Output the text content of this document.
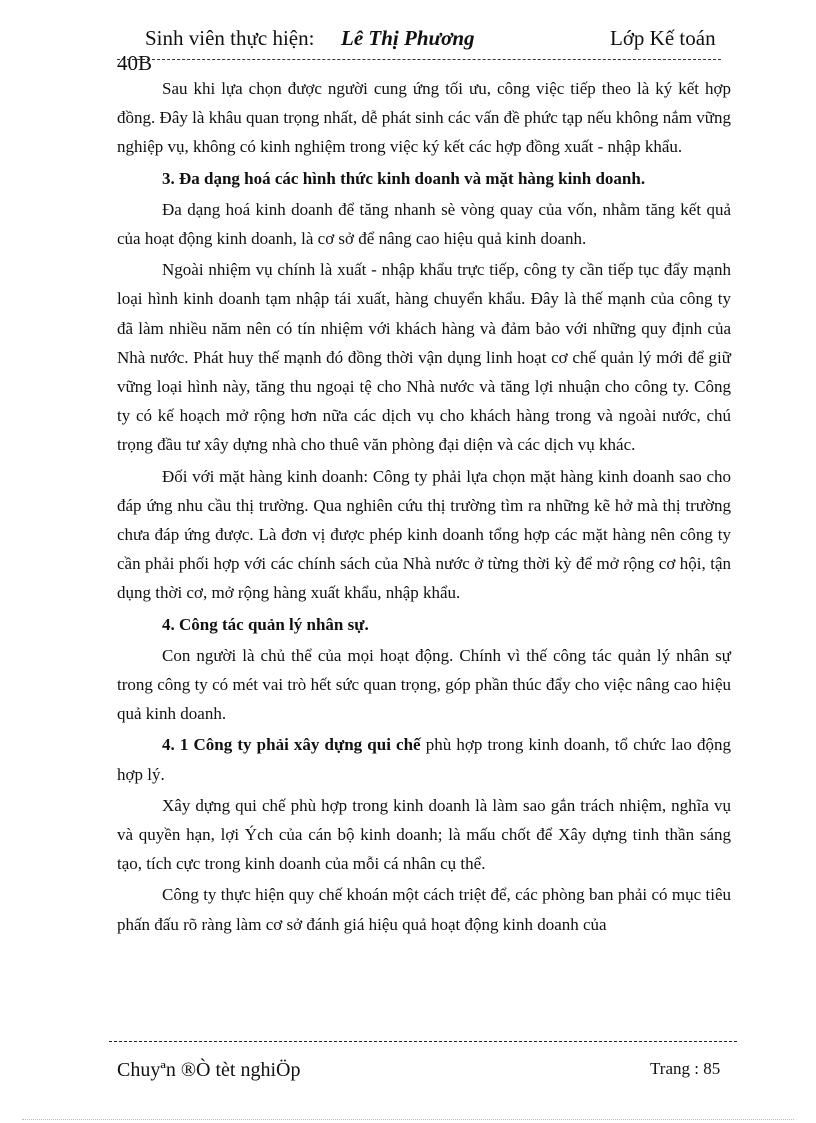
Sinh viên thực hiện: Lê Thị Phương	Lớp Kế toán
40B

Sau khi lựa chọn được người cung ứng tối ưu, công việc tiếp theo là ký kết hợp đồng. Đây là khâu quan trọng nhất, dễ phát sinh các vấn đề phức tạp nếu không nắm vững nghiệp vụ, không có kinh nghiệm trong việc ký kết các hợp đồng xuất - nhập khẩu.

3. Đa dạng hoá các hình thức kinh doanh và mặt hàng kinh doanh.

Đa dạng hoá kinh doanh để tăng nhanh sè vòng quay của vốn, nhằm tăng kết quả của hoạt động kinh doanh, là cơ sở để nâng cao hiệu quả kinh doanh.

Ngoài nhiệm vụ chính là xuất - nhập khẩu trực tiếp, công ty cần tiếp tục đẩy mạnh loại hình kinh doanh tạm nhập tái xuất, hàng chuyển khẩu. Đây là thế mạnh của công ty đã làm nhiều năm nên có tín nhiệm với khách hàng và đảm bảo với những quy định của Nhà nước. Phát huy thế mạnh đó đồng thời vận dụng linh hoạt cơ chế quản lý mới để giữ vững loại hình này, tăng thu ngoại tệ cho Nhà nước và tăng lợi nhuận cho công ty. Công ty có kế hoạch mở rộng hơn nữa các dịch vụ cho khách hàng trong và ngoài nước, chú trọng đầu tư xây dựng nhà cho thuê văn phòng đại diện và các dịch vụ khác.

Đối với mặt hàng kinh doanh: Công ty phải lựa chọn mặt hàng kinh doanh sao cho đáp ứng nhu cầu thị trường. Qua nghiên cứu thị trường tìm ra những kẽ hở mà thị trường chưa đáp ứng được. Là đơn vị được phép kinh doanh tổng hợp các mặt hàng nên công ty cần phải phối hợp với các chính sách của Nhà nước ở từng thời kỳ để mở rộng cơ hội, tận dụng thời cơ, mở rộng hàng xuất khẩu, nhập khẩu.

4. Công tác quản lý nhân sự.

Con người là chủ thể của mọi hoạt động. Chính vì thế công tác quản lý nhân sự trong công ty có mét vai trò hết sức quan trọng, góp phần thúc đẩy cho việc nâng cao hiệu quả kinh doanh.

4. 1 Công ty phải xây dựng qui chế phù hợp trong kinh doanh, tổ chức lao động hợp lý.

Xây dựng qui chế phù hợp trong kinh doanh là làm sao gắn trách nhiệm, nghĩa vụ và quyền hạn, lợi Ých của cán bộ kinh doanh; là mấu chốt để Xây dựng tinh thần sáng tạo, tích cực trong kinh doanh của mỗi cá nhân cụ thể.

Công ty thực hiện quy chế khoán một cách triệt để, các phòng ban phải có mục tiêu phấn đấu rõ ràng làm cơ sở đánh giá hiệu quả hoạt động kinh doanh của

Chuyªn ®Ò tèt nghiÖp	Trang : 85
